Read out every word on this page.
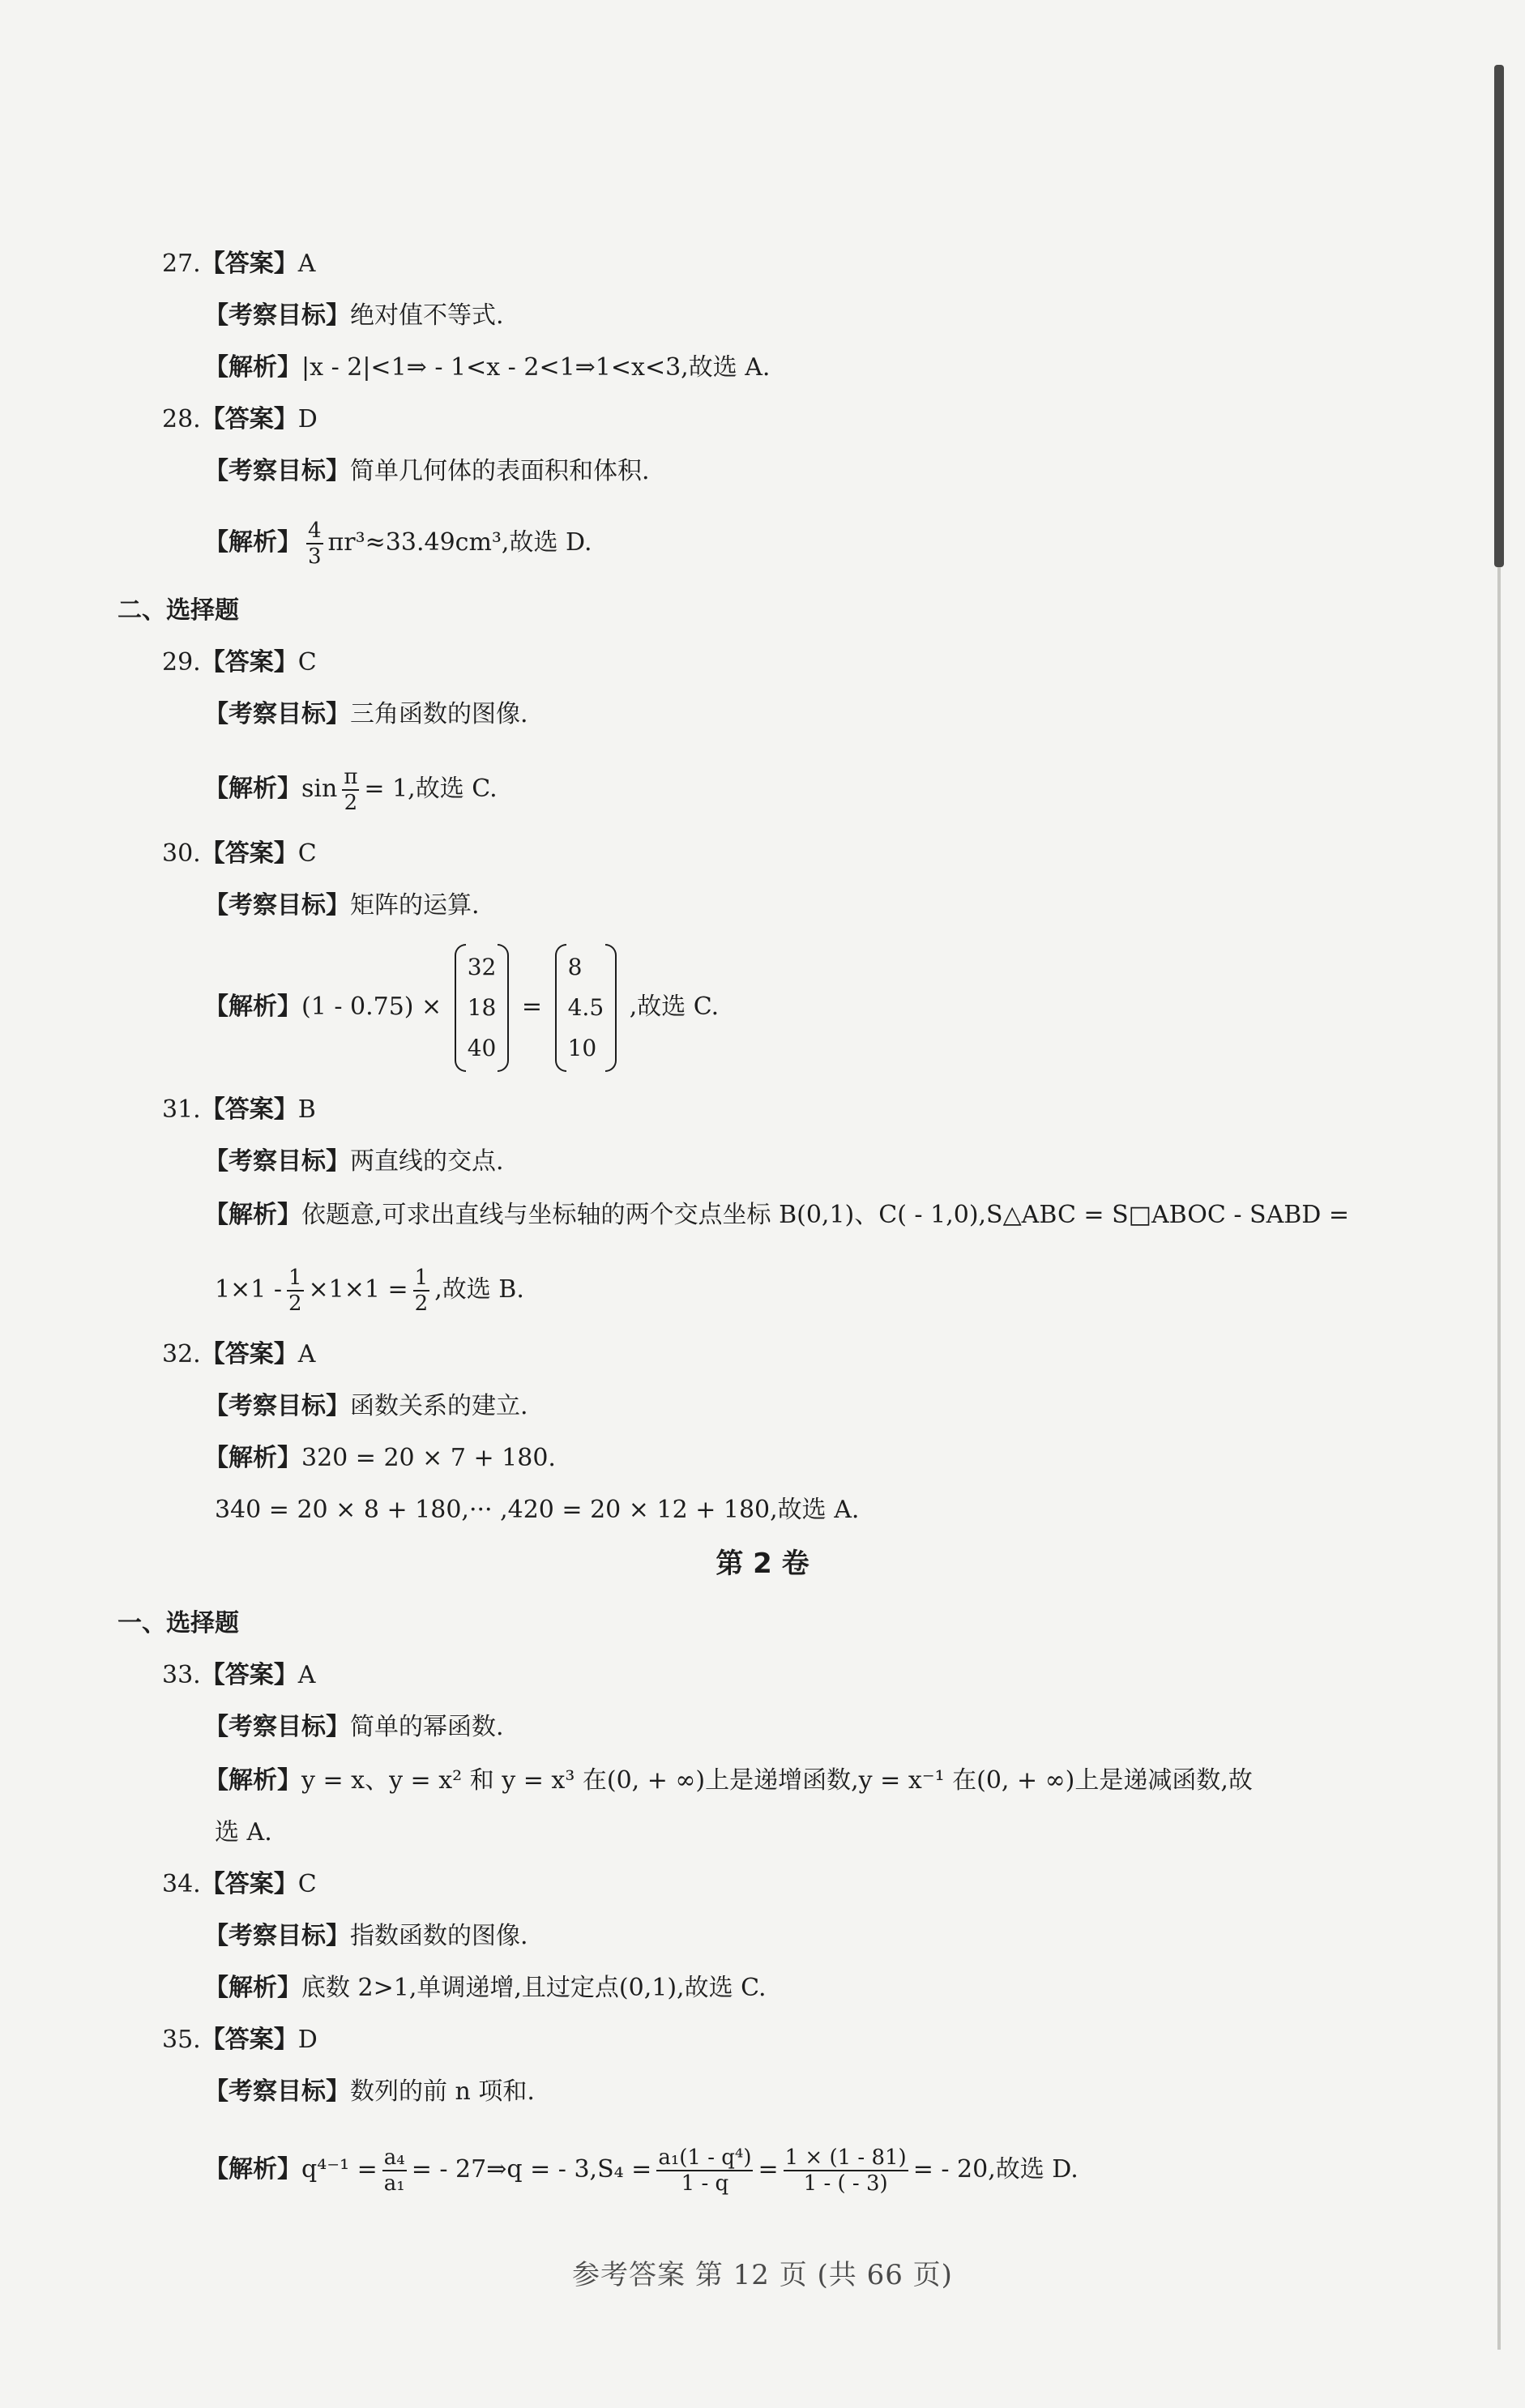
27.【答案】A
【考察目标】绝对值不等式.
【解析】|x - 2|<1⇒ - 1<x - 2<1⇒1<x<3,故选 A.
28.【答案】D
【考察目标】简单几何体的表面积和体积.
【解析】 $\frac{4}{3} \pi r^3\approx 33.49cm^3$,故选 D.
二、选择题
29.【答案】C
【考察目标】三角函数的图像.
【解析】$\sin \frac{\pi}{2} = 1$,故选 C.
30.【答案】C
【考察目标】矩阵的运算.
【解析】(1 - 0.75) ×
32
18
40
=
8
4.5
10
,故选 C.
31.【答案】B
【考察目标】两直线的交点.
【解析】依题意,可求出直线与坐标轴的两个交点坐标 B(0,1)、C( - 1,0),S△ABC = S□ABOC - SABD =
$1\times 1 - \frac{1}{2} \times 1\times 1 = \frac{1}{2}$ ,故选 B.
32.【答案】A
【考察目标】函数关系的建立.
【解析】320 = 20 × 7 + 180.
340 = 20 × 8 + 180,··· ,420 = 20 × 12 + 180,故选 A.
第 2 卷
一、选择题
33.【答案】A
【考察目标】简单的幂函数.
【解析】y = x、y = x² 和 y = x³ 在(0, + ∞)上是递增函数,y = x⁻¹ 在(0, + ∞)上是递减函数,故
选 A.
34.【答案】C
【考察目标】指数函数的图像.
【解析】底数 2>1,单调递增,且过定点(0,1),故选 C.
35.【答案】D
【考察目标】数列的前 n 项和.
【解析】$q^{4-1} = \frac{\text{a₄}}{\text{a₁}}$ = - 27⇒q = - $3,S_4 = \frac{\text{a₁(1 - q⁴)}}{1 - q} = \frac{1 \times (1 - 81)}{1 - ( - 3)}$ = - 20,故选 D.
参考答案 第 12 页 (共 66 页)
